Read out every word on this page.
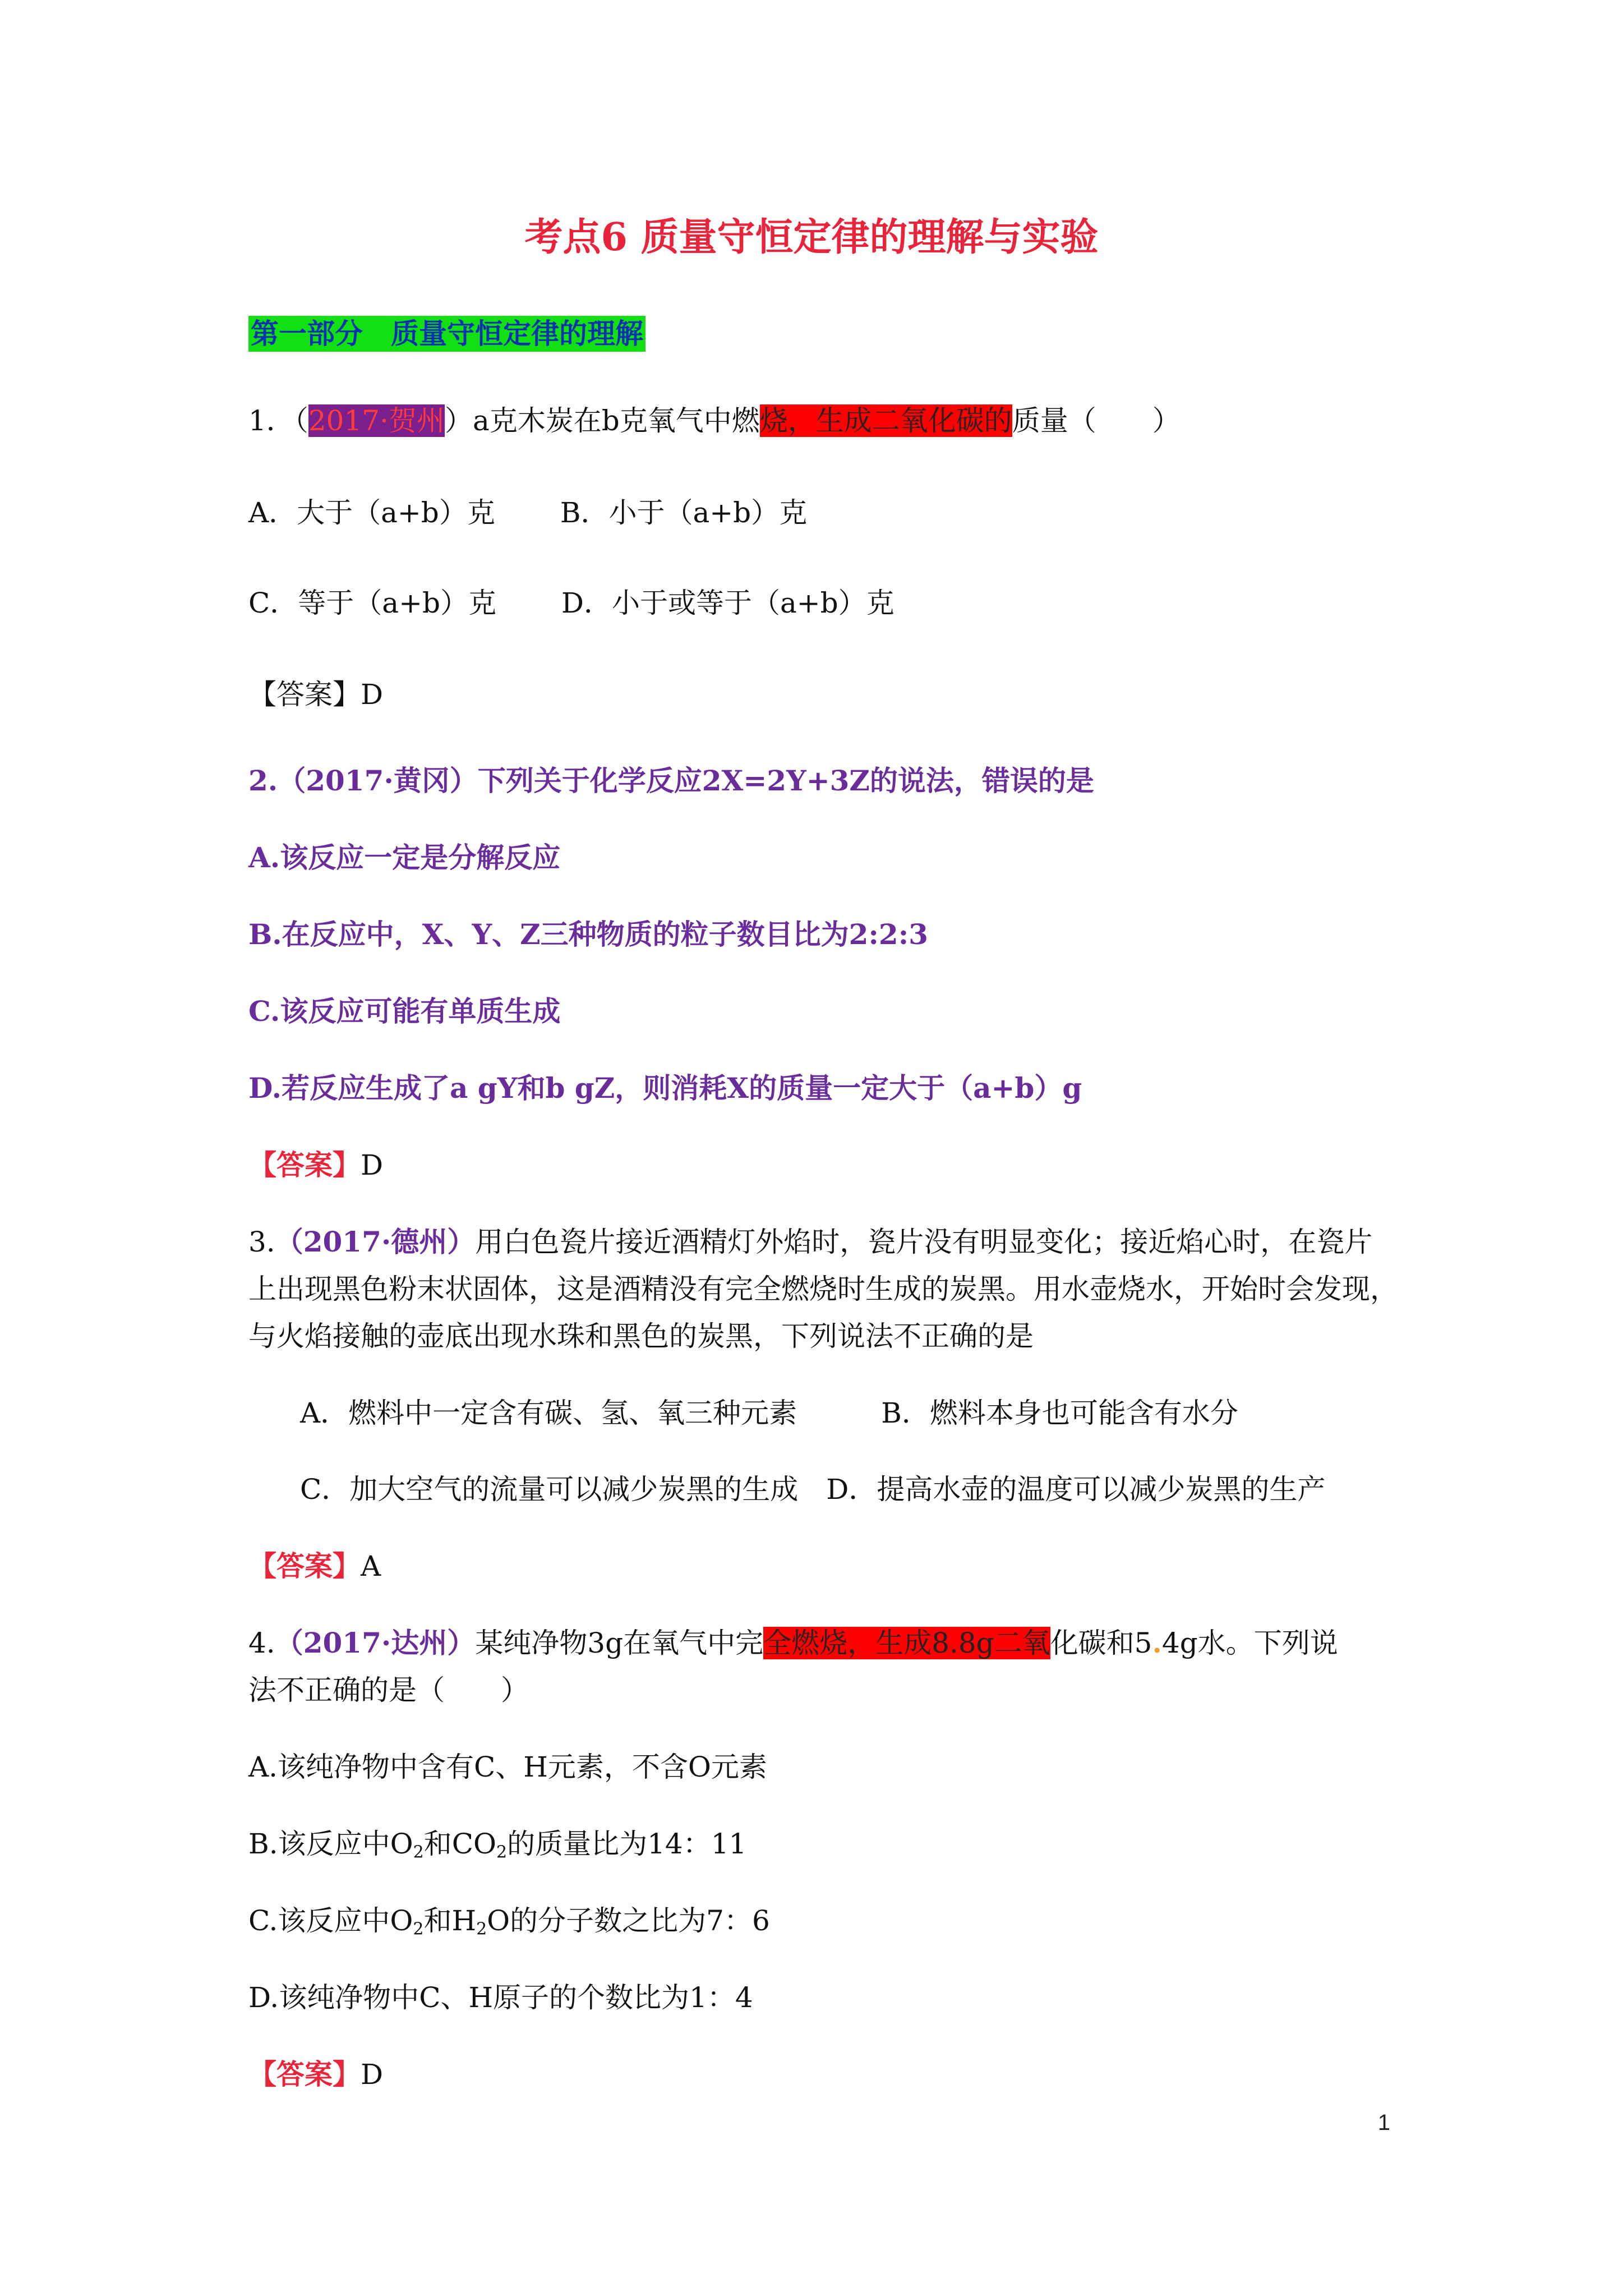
考点6 质量守恒定律的理解与实验
第一部分　质量守恒定律的理解
1．（2017·贺州）a克木炭在b克氧气中燃烧，生成二氧化碳的质量（　　）
A．大于（a+b）克　　 B．小于（a+b）克
C．等于（a+b）克　　 D．小于或等于（a+b）克
【答案】D
2.（2017·黄冈）下列关于化学反应2X=2Y+3Z的说法，错误的是
A.该反应一定是分解反应
B.在反应中，X、Y、Z三种物质的粒子数目比为2:2:3
C.该反应可能有单质生成
D.若反应生成了a gY和b gZ，则消耗X的质量一定大于（a+b）g
【答案】D
3.（2017·德州）用白色瓷片接近酒精灯外焰时，瓷片没有明显变化；接近焰心时，在瓷片
上出现黑色粉末状固体，这是酒精没有完全燃烧时生成的炭黑。用水壶烧水，开始时会发现，
与火焰接触的壶底出现水珠和黑色的炭黑，下列说法不正确的是
A．燃料中一定含有碳、氢、氧三种元素　　　B．燃料本身也可能含有水分
C．加大空气的流量可以减少炭黑的生成　D．提高水壶的温度可以减少炭黑的生产
【答案】A
4.（2017·达州）某纯净物3g在氧气中完全燃烧，生成8.8g二氧化碳和5.4g水。下列说
法不正确的是（　　）
A.该纯净物中含有C、H元素，不含O元素
B.该反应中$O_2$和$CO_2$的质量比为14：11
C.该反应中$O_2$和$H_2O$的分子数之比为7：6
D.该纯净物中C、H原子的个数比为1：4
【答案】D
1
